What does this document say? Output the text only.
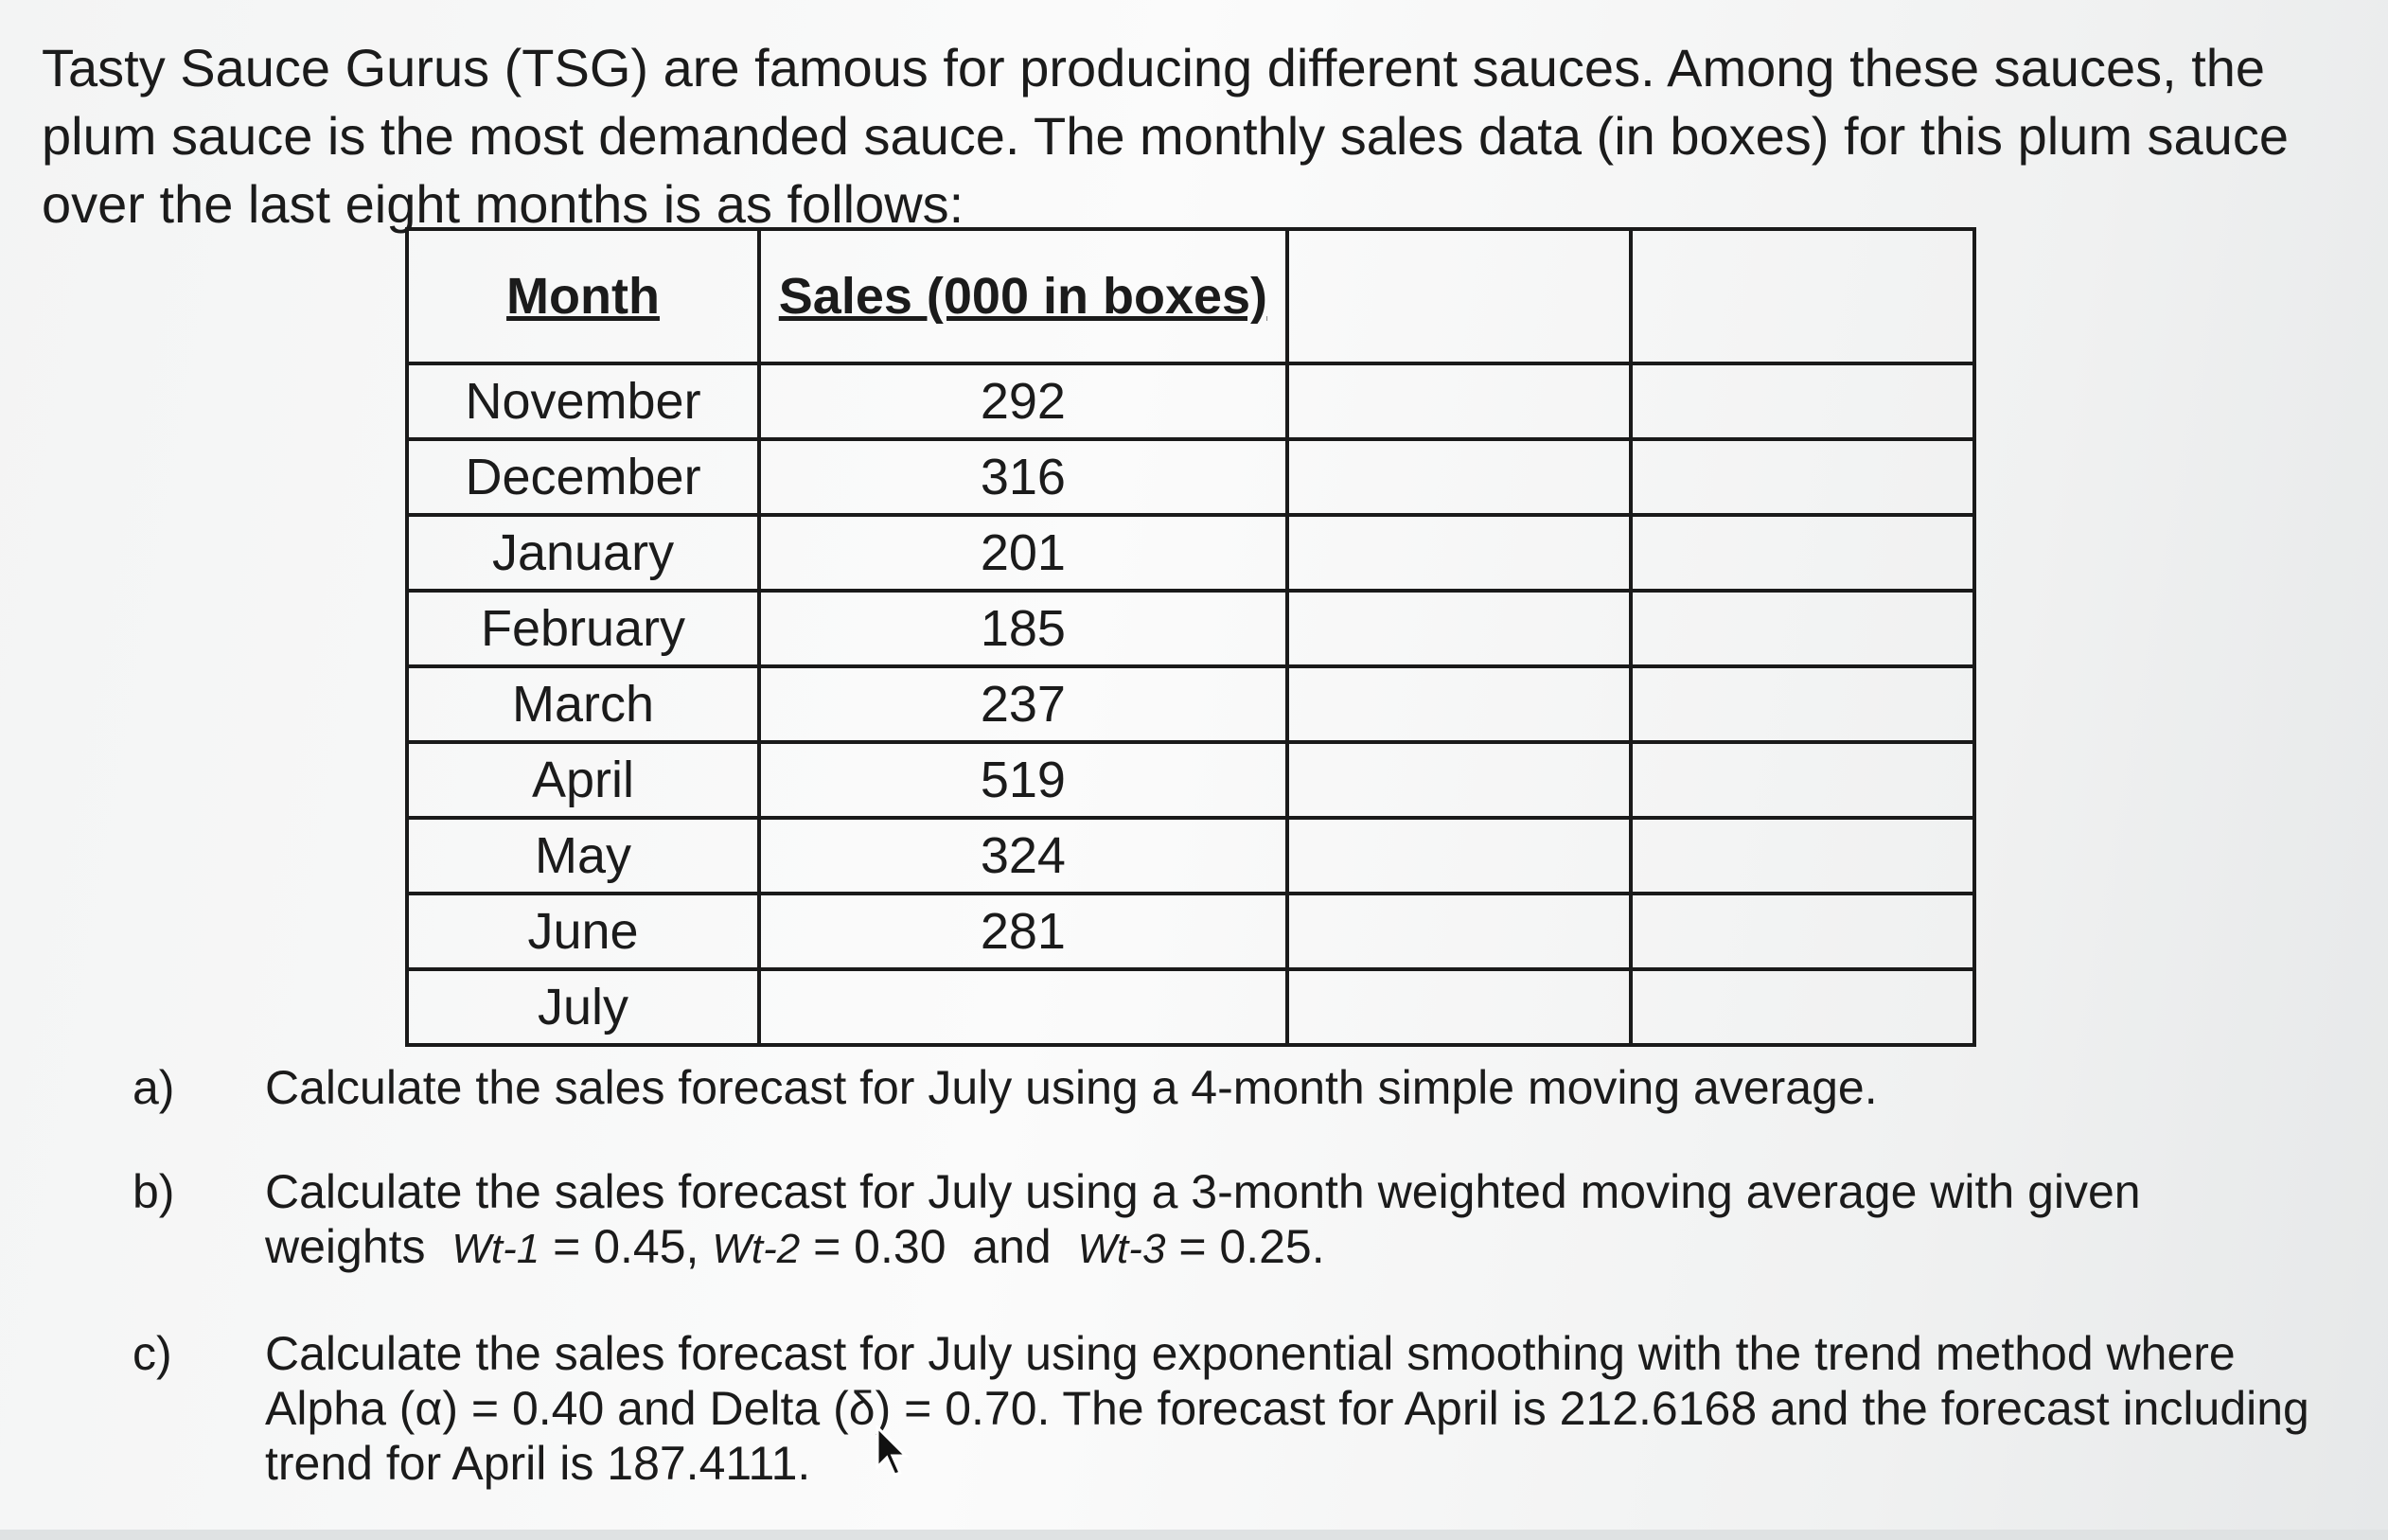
Tasty Sauce Gurus (TSG) are famous for producing different sauces. Among these sauces, the plum sauce is the most demanded sauce. The monthly sales data (in boxes) for this plum sauce over the last eight months is as follows:

Month	Sales (000 in boxes)		
November	292		
December	316		
January	201		
February	185		
March	237		
April	519		
May	324		
June	281		
July			
a)	Calculate the sales forecast for July using a 4-month simple moving average.
b)	Calculate the sales forecast for July using a 3-month weighted moving average with given
weights Wt-1 = 0.45, Wt-2 = 0.30 and Wt-3 = 0.25.
c)	Calculate the sales forecast for July using exponential smoothing with the trend method where Alpha (α) = 0.40 and Delta (δ) = 0.70. The forecast for April is 212.6168 and the forecast including trend for April is 187.4111.
